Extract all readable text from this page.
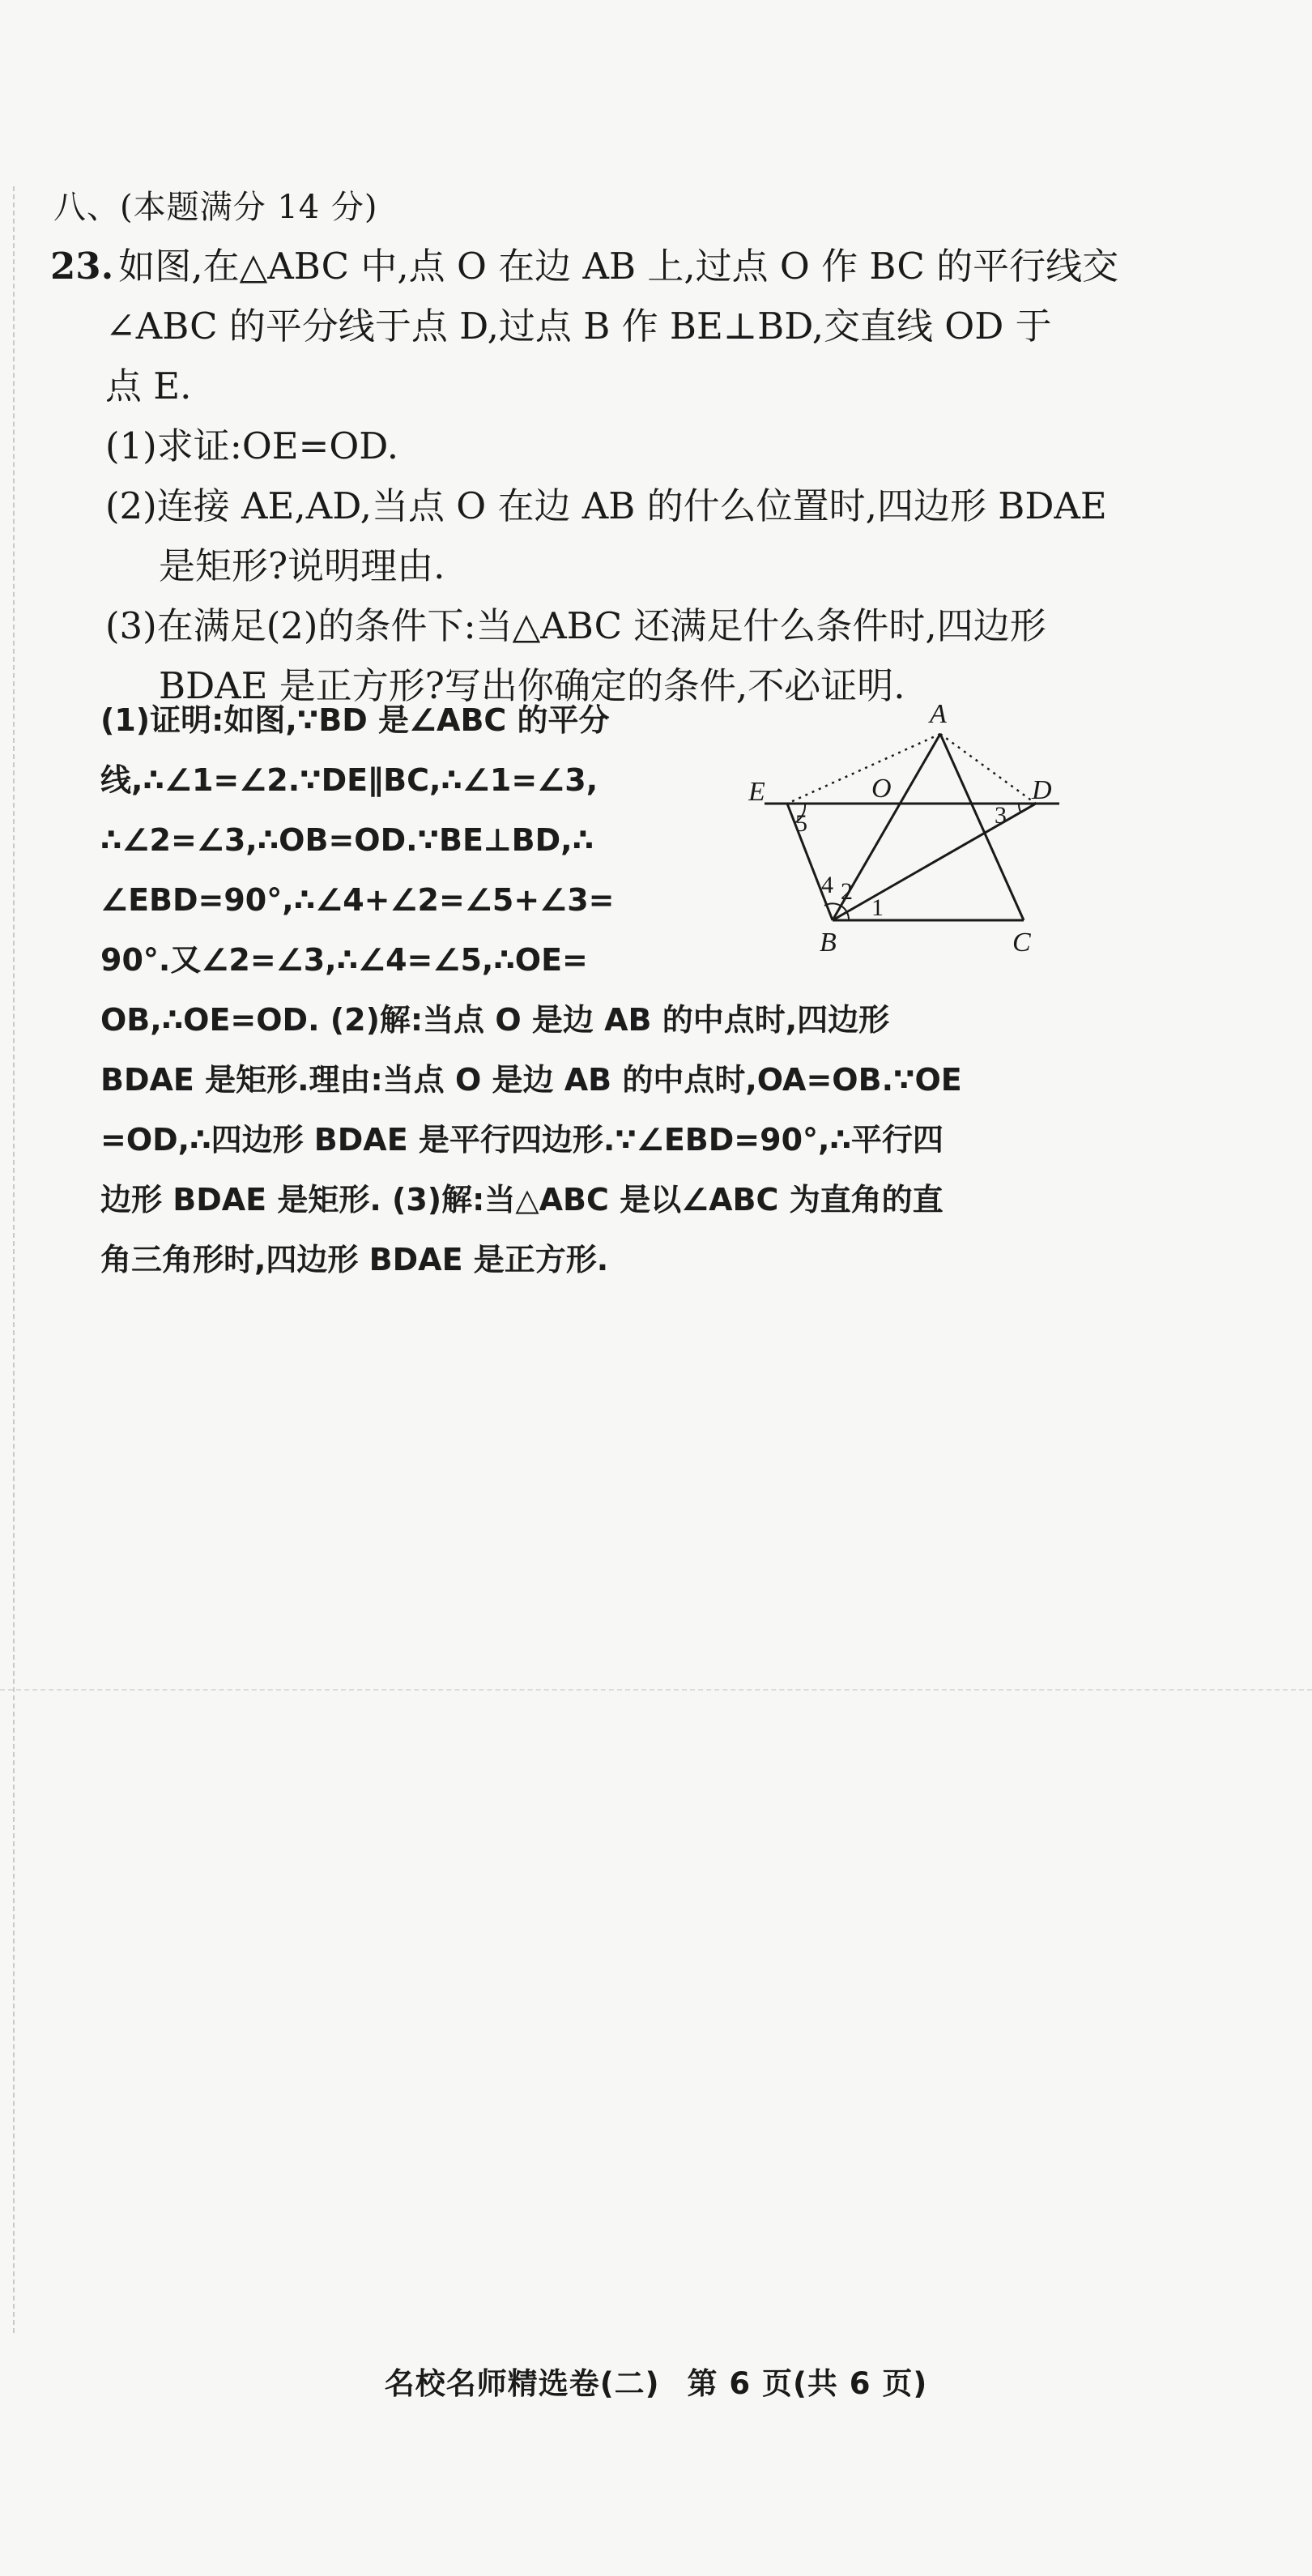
八、(本题满分 14 分)
23. 如图,在△ABC 中,点 O 在边 AB 上,过点 O 作 BC 的平行线交
∠ABC 的平分线于点 D,过点 B 作 BE⊥BD,交直线 OD 于
点 E.
(1)求证:OE=OD.
(2)连接 AE,AD,当点 O 在边 AB 的什么位置时,四边形 BDAE
是矩形?说明理由.
(3)在满足(2)的条件下:当△ABC 还满足什么条件时,四边形
BDAE 是正方形?写出你确定的条件,不必证明.
(1)证明:如图,∵BD 是∠ABC 的平分
线,∴∠1=∠2.∵DE∥BC,∴∠1=∠3,
∴∠2=∠3,∴OB=OD.∵BE⊥BD,∴
∠EBD=90°,∴∠4+∠2=∠5+∠3=
90°.又∠2=∠3,∴∠4=∠5,∴OE=
OB,∴OE=OD. (2)解:当点 O 是边 AB 的中点时,四边形
BDAE 是矩形.理由:当点 O 是边 AB 的中点时,OA=OB.∵OE
=OD,∴四边形 BDAE 是平行四边形.∵∠EBD=90°,∴平行四
边形 BDAE 是矩形. (3)解:当△ABC 是以∠ABC 为直角的直
角三角形时,四边形 BDAE 是正方形.
A
O
E	D
B	C
5	3
4 2
1
名校名师精选卷(二) 第 6 页(共 6 页)
